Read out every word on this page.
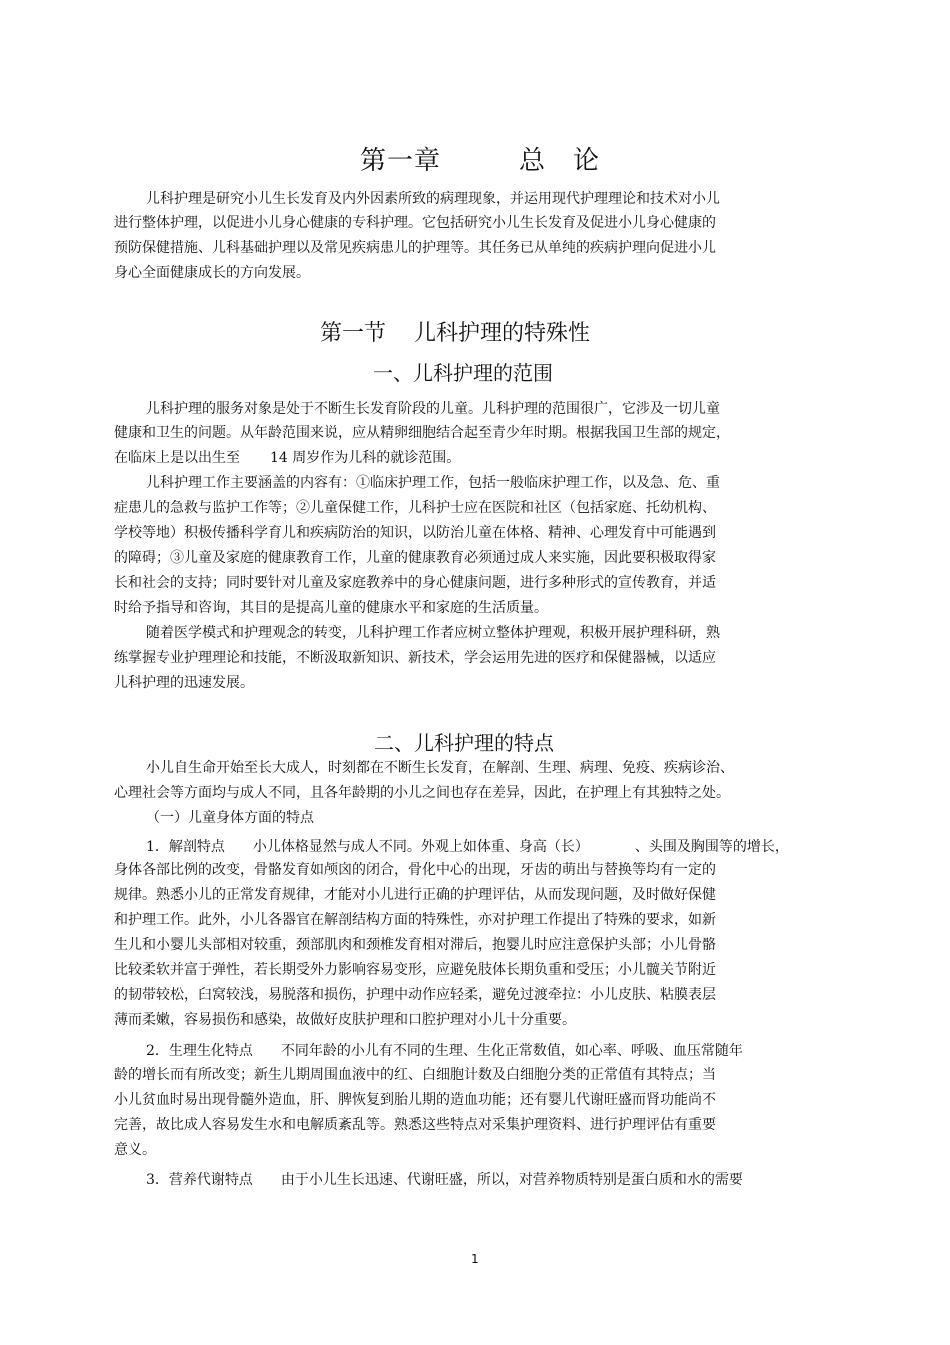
第一章	总　论
儿科护理是研究小儿生长发育及内外因素所致的病理现象，并运用现代护理理论和技术对小儿
进行整体护理，以促进小儿身心健康的专科护理。它包括研究小儿生长发育及促进小儿身心健康的
预防保健措施、儿科基础护理以及常见疾病患儿的护理等。其任务已从单纯的疾病护理向促进小儿
身心全面健康成长的方向发展。
第一节 儿科护理的特殊性
一、儿科护理的范围
儿科护理的服务对象是处于不断生长发育阶段的儿童。儿科护理的范围很广，它涉及一切儿童
健康和卫生的问题。从年龄范围来说，应从精卵细胞结合起至青少年时期。根据我国卫生部的规定，
在临床上是以出生至 14 周岁作为儿科的就诊范围。
儿科护理工作主要涵盖的内容有：①临床护理工作，包括一般临床护理工作，以及急、危、重
症患儿的急救与监护工作等；②儿童保健工作，儿科护士应在医院和社区（包括家庭、托幼机构、
学校等地）积极传播科学育儿和疾病防治的知识，以防治儿童在体格、精神、心理发育中可能遇到
的障碍；③儿童及家庭的健康教育工作，儿童的健康教育必须通过成人来实施，因此要积极取得家
长和社会的支持；同时要针对儿童及家庭教养中的身心健康问题，进行多种形式的宣传教育，并适
时给予指导和咨询，其目的是提高儿童的健康水平和家庭的生活质量。
随着医学模式和护理观念的转变，儿科护理工作者应树立整体护理观，积极开展护理科研，熟
练掌握专业护理理论和技能，不断汲取新知识、新技术，学会运用先进的医疗和保健器械，以适应
儿科护理的迅速发展。
二、儿科护理的特点
小儿自生命开始至长大成人，时刻都在不断生长发育，在解剖、生理、病理、免疫、疾病诊治、
心理社会等方面均与成人不同，且各年龄期的小儿之间也存在差异，因此，在护理上有其独特之处。
（一）儿童身体方面的特点
1．解剖特点 小儿体格显然与成人不同。外观上如体重、身高（长）	、头围及胸围等的增长，
身体各部比例的改变，骨骼发育如颅囟的闭合，骨化中心的出现，牙齿的萌出与替换等均有一定的
规律。熟悉小儿的正常发育规律，才能对小儿进行正确的护理评估，从而发现问题，及时做好保健
和护理工作。此外，小儿各器官在解剖结构方面的特殊性，亦对护理工作提出了特殊的要求，如新
生儿和小婴儿头部相对较重，颈部肌肉和颈椎发育相对滞后，抱婴儿时应注意保护头部；小儿骨骼
比较柔软并富于弹性，若长期受外力影响容易变形，应避免肢体长期负重和受压；小儿髋关节附近
的韧带较松，臼窝较浅，易脱落和损伤，护理中动作应轻柔，避免过渡牵拉：小儿皮肤、粘膜表层
薄而柔嫩，容易损伤和感染，故做好皮肤护理和口腔护理对小儿十分重要。
2．生理生化特点 不同年龄的小儿有不同的生理、生化正常数值，如心率、呼吸、血压常随年
龄的增长而有所改变；新生儿期周围血液中的红、白细胞计数及白细胞分类的正常值有其特点；当
小儿贫血时易出现骨髓外造血，肝、脾恢复到胎儿期的造血功能；还有婴儿代谢旺盛而肾功能尚不
完善，故比成人容易发生水和电解质紊乱等。熟悉这些特点对采集护理资料、进行护理评估有重要
意义。
3．营养代谢特点 由于小儿生长迅速、代谢旺盛，所以，对营养物质特别是蛋白质和水的需要
1
